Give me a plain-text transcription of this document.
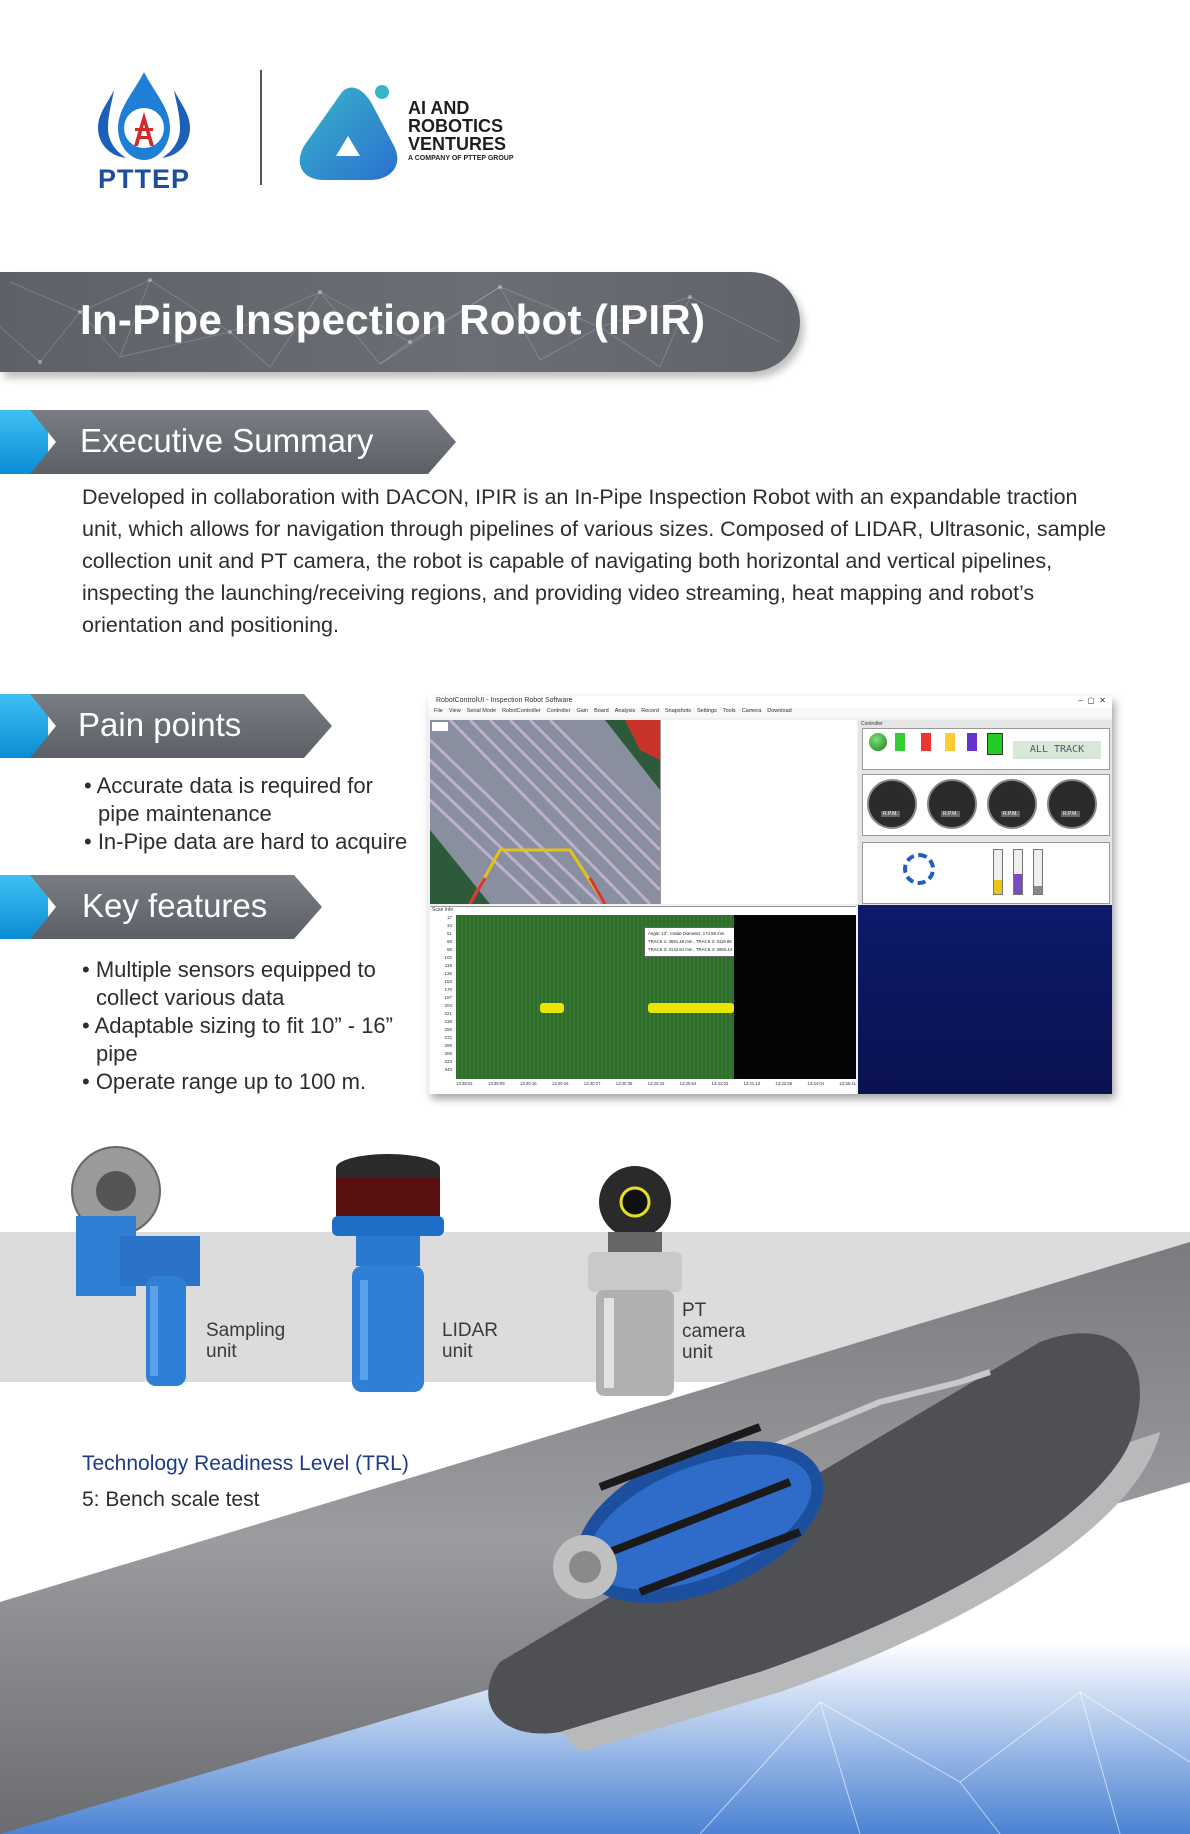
PTTEP
AI AND
ROBOTICS
VENTURES
A COMPANY OF PTTEP GROUP
In-Pipe Inspection Robot (IPIR)
Executive Summary
Developed in collaboration with DACON, IPIR is an In-Pipe Inspection Robot with an expandable traction unit, which allows for navigation through pipelines of various sizes. Composed of LIDAR, Ultrasonic, sample collection unit and PT camera, the robot is capable of navigating both horizontal and vertical pipelines, inspecting the launching/receiving regions, and providing video streaming, heat mapping and robot’s orientation and positioning.
Pain points
• Accurate data is required for pipe maintenance
• In-Pipe data are hard to acquire
Key features
• Multiple sensors equipped to collect various data
• Adaptable sizing to fit 10” - 16” pipe
• Operate range up to 100 m.
RobotControlUI - Inspection Robot Software	–  ▢  ✕
File View Serial Mode RobotController Controller Gain Board Analysis Record Snapshots Settings Tools Camera Download
Controller
ALL TRACK
R.P.M.	R.P.M.	R.P.M.	R.P.M.
Scan Info
17
34
51
68
85
102
119
136
153
170
187
204
221
238
255
272
289
306
323
340
Angle: 12°, Inside Diameter: 173.59 mm
TRACK 1: 3591.48 mm , TRACK 2: 3119.89
TRACK 3: 3142.64 mm , TRACK 4: 3050.44
13:38:01	13:38:09	13:40:16	13:40:16	13:40:27	13:40:35	13:40:43	13:40:54	13:41:02	13:41:13	13:32:56	13:34:04	13:36:41
Sampling
unit
LIDAR
unit
PT
camera
unit
Technology Readiness Level (TRL)
5: Bench scale test
